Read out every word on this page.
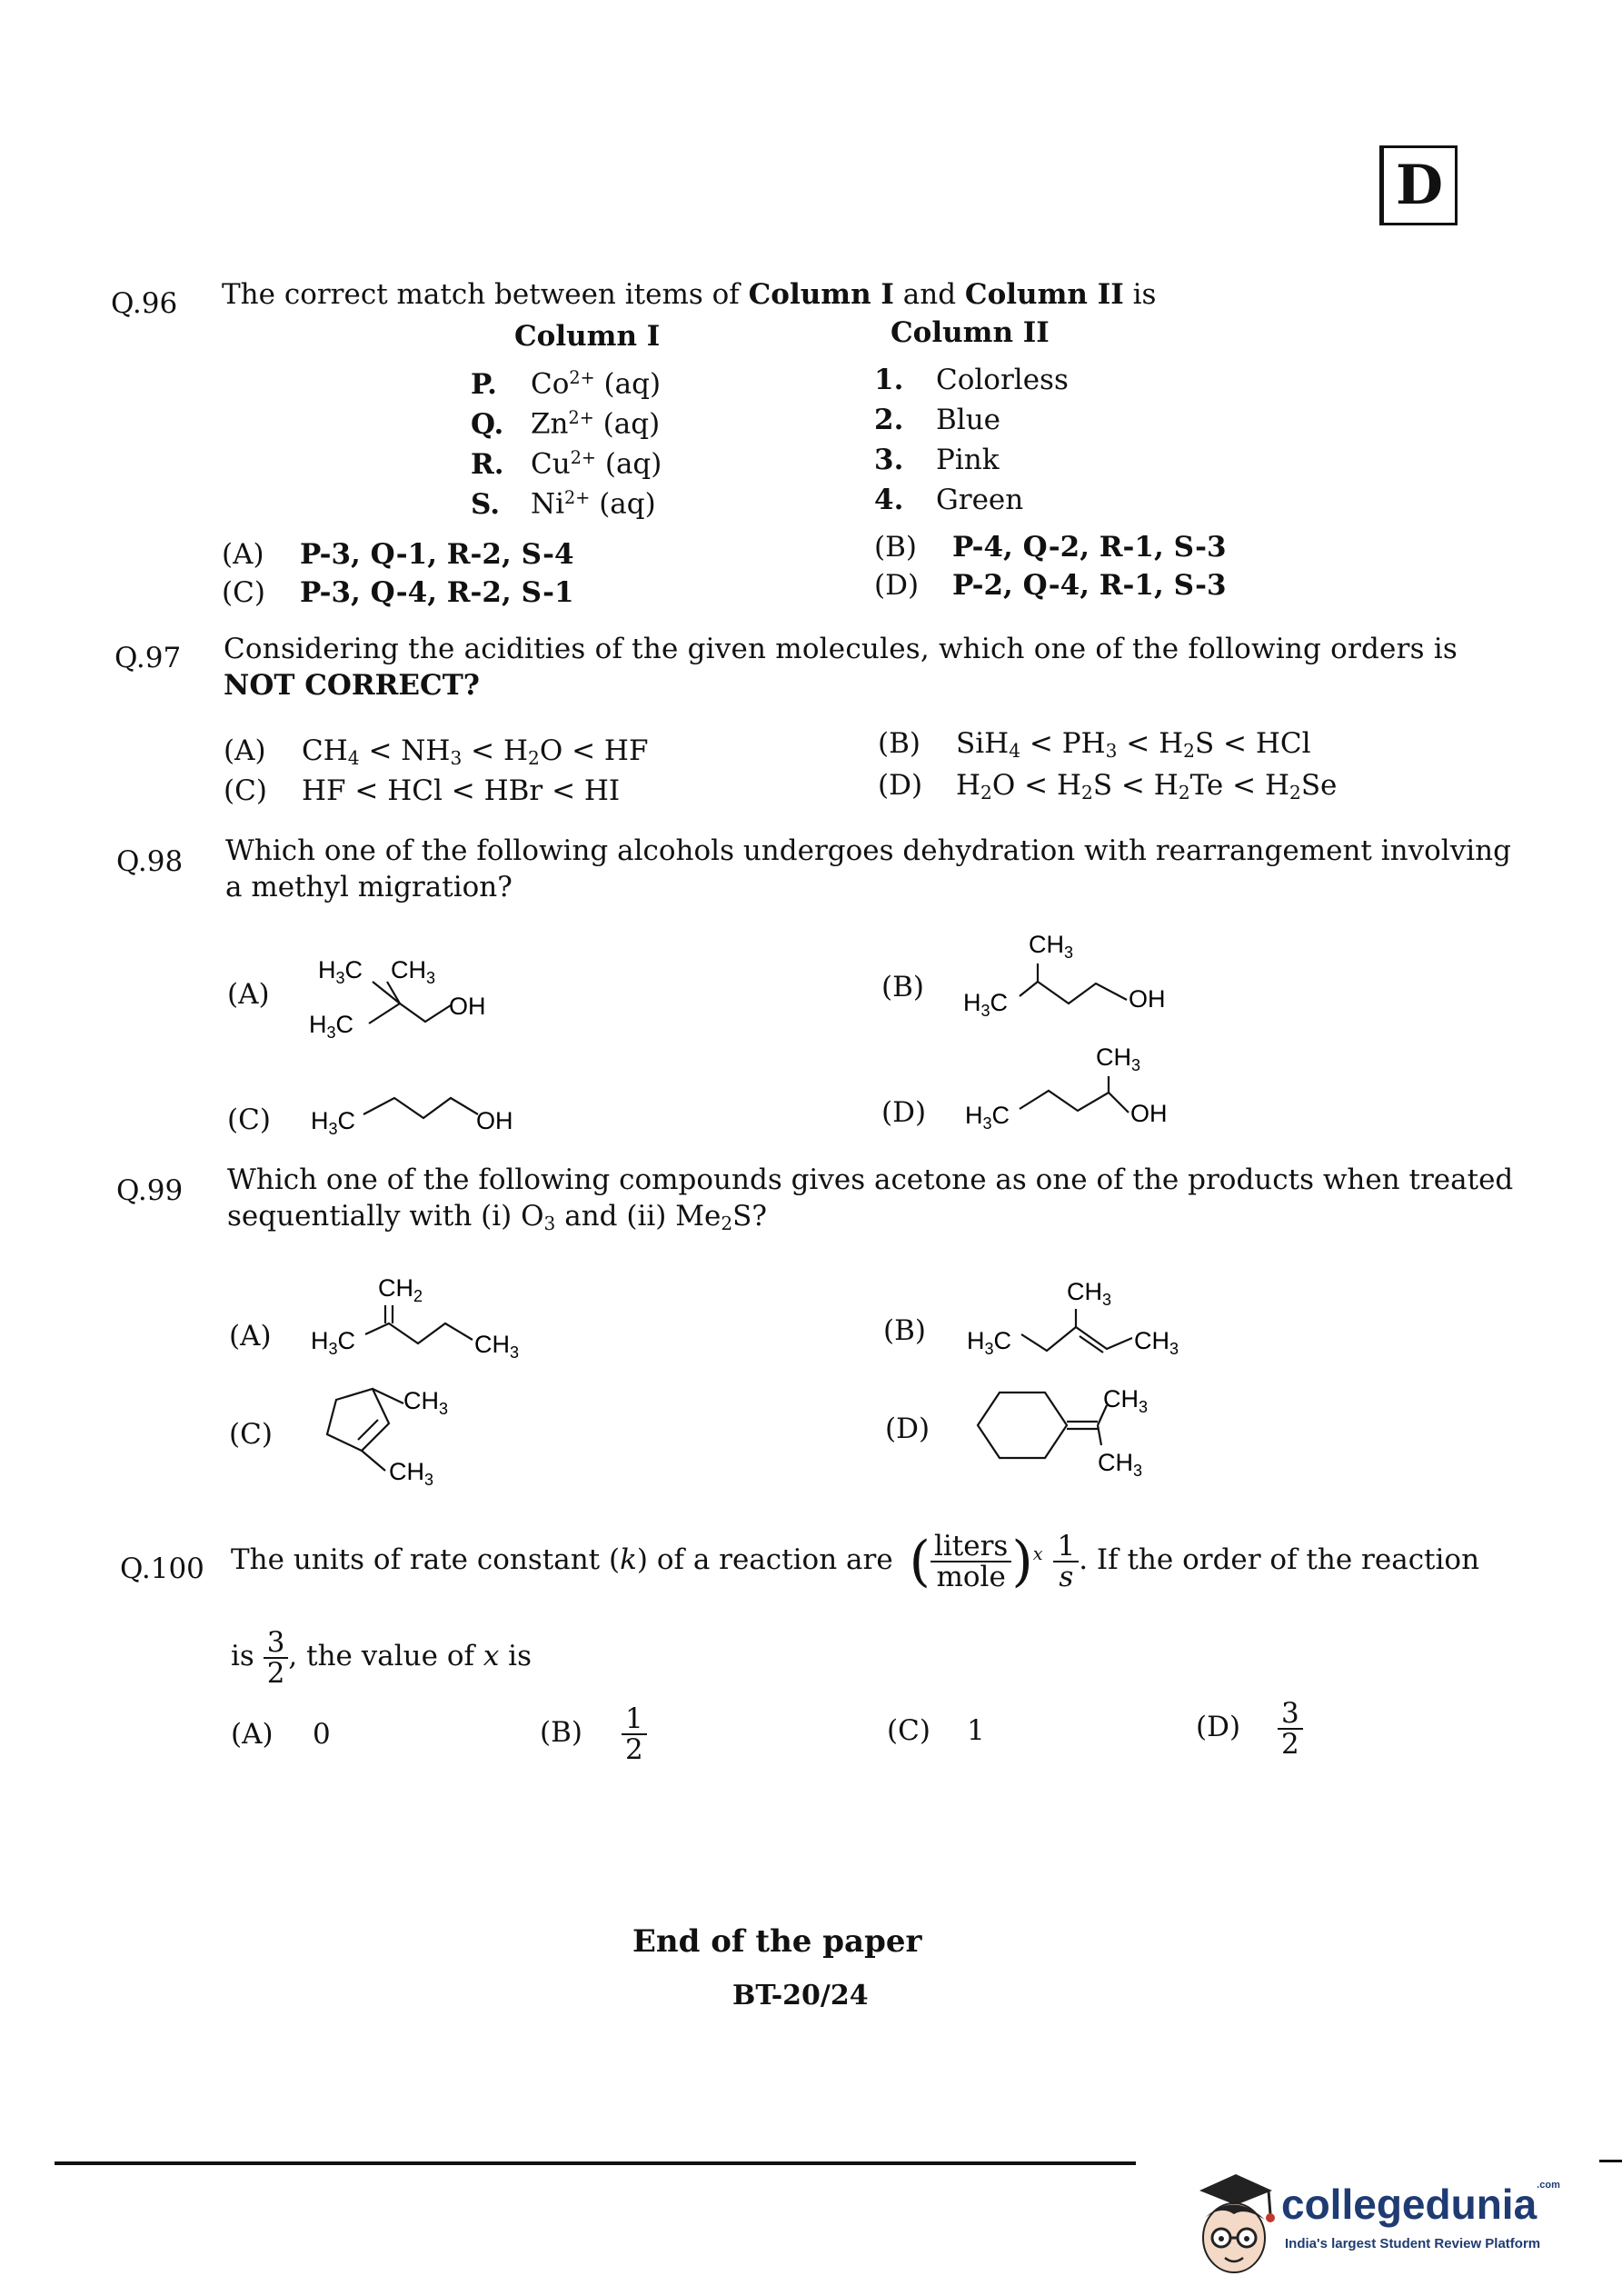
D
Q.96 The correct match between items of Column I and Column II is
Column I	Column II
P. $Co^{2+}$ (aq)
Q. $Zn^{2+}$ (aq)
R. $Cu^{2+}$ (aq)
S. $Ni^{2+}$ (aq)
1. Colorless
2. Blue
3. Pink
4. Green
(A) P-3, Q-1, R-2, S-4	(B) P-4, Q-2, R-1, S-3
(C) P-3, Q-4, R-2, S-1	(D) P-2, Q-4, R-1, S-3
Q.97 Considering the acidities of the given molecules, which one of the following orders is
NOT CORRECT?
(A) $CH_4 < NH_3 < H_2O$ < HF	(B) $SiH_4 < PH_3 < H_2S$ < HCl
(C) HF < HCl < HBr < HI	(D) $H_2O < H_2S < H_2Te < H_2Se$
Q.98 Which one of the following alcohols undergoes dehydration with rearrangement involving
a methyl migration?
(A)	(B)
(C)	(D)
$H_3C$ $CH_3$
$H_3C$
OH
$CH_3$
$H_3C$	OH
$H_3C$	OH
$CH_3$
$H_3C$	OH
Q.99 Which one of the following compounds gives acetone as one of the products when treated
sequentially with (i) $O_3$ and (ii) $Me_2S$?
(A)	(B)
(C)	(D)
$CH_2$
$H_3C$	$CH_3$
$CH_3$
$H_3C$	$CH_3$
$CH_3$
$CH_3$
$CH_3$
$CH_3$
Q.100 The units of rate constant (k) of a reaction are ( $\frac{\text{liters}}{\text{mole}} )^x \frac{1}{s}$ . If the order of the reaction
is $\frac{3}{2}$ , the value of x is
(A) 0	$(B) \frac{1}{2}$	(C) 1	$(D) \frac{3}{2}$
End of the paper
BT-20/24
collegedunia$^{.com}$
India's largest Student Review Platform
